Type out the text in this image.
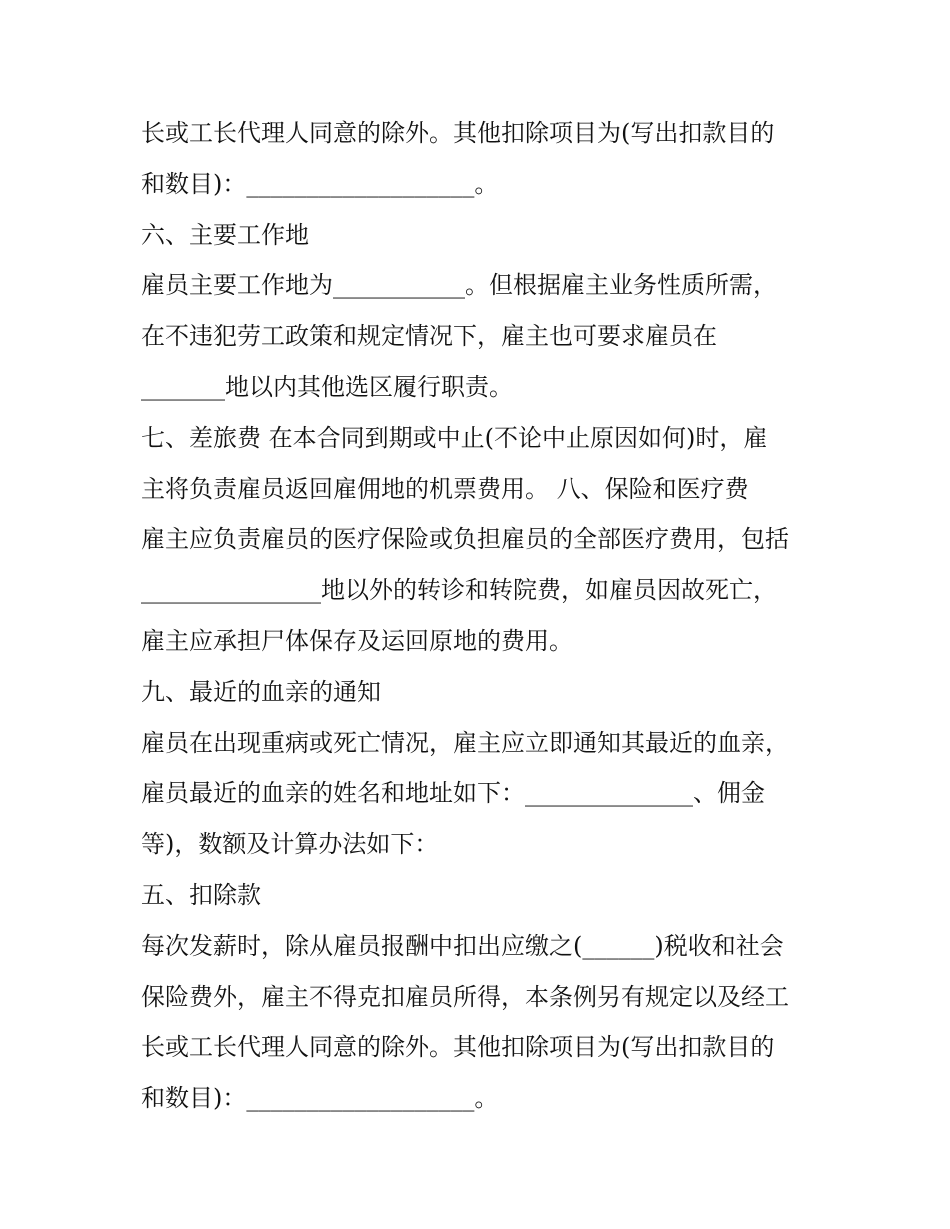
长或工长代理人同意的除外。其他扣除项目为(写出扣款目的
和数目)：___________________。
六、主要工作地
雇员主要工作地为___________。但根据雇主业务性质所需，
在不违犯劳工政策和规定情况下，雇主也可要求雇员在
_______地以内其他选区履行职责。
七、差旅费 在本合同到期或中止(不论中止原因如何)时，雇
主将负责雇员返回雇佣地的机票费用。 八、保险和医疗费
雇主应负责雇员的医疗保险或负担雇员的全部医疗费用，包括
_______________地以外的转诊和转院费，如雇员因故死亡，
雇主应承担尸体保存及运回原地的费用。
九、最近的血亲的通知
雇员在出现重病或死亡情况，雇主应立即通知其最近的血亲，
雇员最近的血亲的姓名和地址如下：______________、佣金
等)，数额及计算办法如下：
五、扣除款
每次发薪时，除从雇员报酬中扣出应缴之(______)税收和社会
保险费外，雇主不得克扣雇员所得，本条例另有规定以及经工
长或工长代理人同意的除外。其他扣除项目为(写出扣款目的
和数目)：___________________。
